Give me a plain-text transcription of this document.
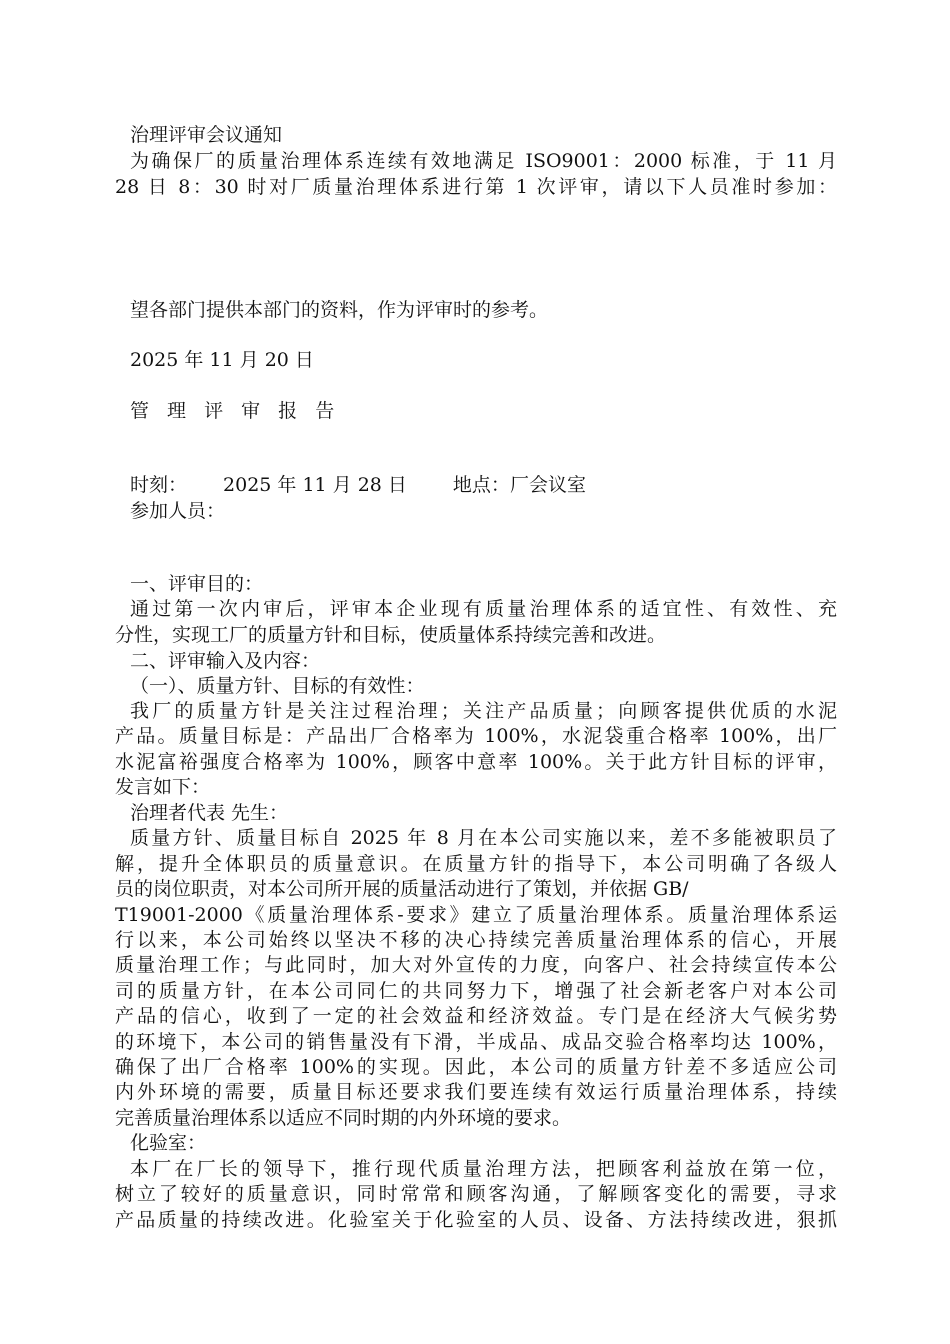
治理评审会议通知
为确保厂的质量治理体系连续有效地满足 ISO9001：2000 标准，于 11 月
28 日 8：30 时对厂质量治理体系进行第 1 次评审，请以下人员准时参加：
望各部门提供本部门的资料，作为评审时的参考。
2025 年 11 月 20 日
管 理 评 审 报 告
时刻： 2025 年 11 月 28 日 地点：厂会议室
参加人员：
一、评审目的：
通过第一次内审后，评审本企业现有质量治理体系的适宜性、有效性、充
分性，实现工厂的质量方针和目标，使质量体系持续完善和改进。
二、评审输入及内容：
（一）、质量方针、目标的有效性：
我厂的质量方针是关注过程治理；关注产品质量；向顾客提供优质的水泥
产品。质量目标是：产品出厂合格率为 100%，水泥袋重合格率 100%，出厂
水泥富裕强度合格率为 100%，顾客中意率 100%。关于此方针目标的评审，
发言如下：
治理者代表 先生：
质量方针、质量目标自 2025 年 8 月在本公司实施以来，差不多能被职员了
解，提升全体职员的质量意识。在质量方针的指导下，本公司明确了各级人
员的岗位职责，对本公司所开展的质量活动进行了策划，并依据 GB/
T19001-2000《质量治理体系-要求》建立了质量治理体系。质量治理体系运
行以来，本公司始终以坚决不移的决心持续完善质量治理体系的信心，开展
质量治理工作；与此同时，加大对外宣传的力度，向客户、社会持续宣传本公
司的质量方针，在本公司同仁的共同努力下，增强了社会新老客户对本公司
产品的信心，收到了一定的社会效益和经济效益。专门是在经济大气候劣势
的环境下，本公司的销售量没有下滑，半成品、成品交验合格率均达 100%，
确保了出厂合格率 100%的实现。因此，本公司的质量方针差不多适应公司
内外环境的需要，质量目标还要求我们要连续有效运行质量治理体系，持续
完善质量治理体系以适应不同时期的内外环境的要求。
化验室：
本厂在厂长的领导下，推行现代质量治理方法，把顾客利益放在第一位，
树立了较好的质量意识，同时常常和顾客沟通，了解顾客变化的需要，寻求
产品质量的持续改进。化验室关于化验室的人员、设备、方法持续改进，狠抓
